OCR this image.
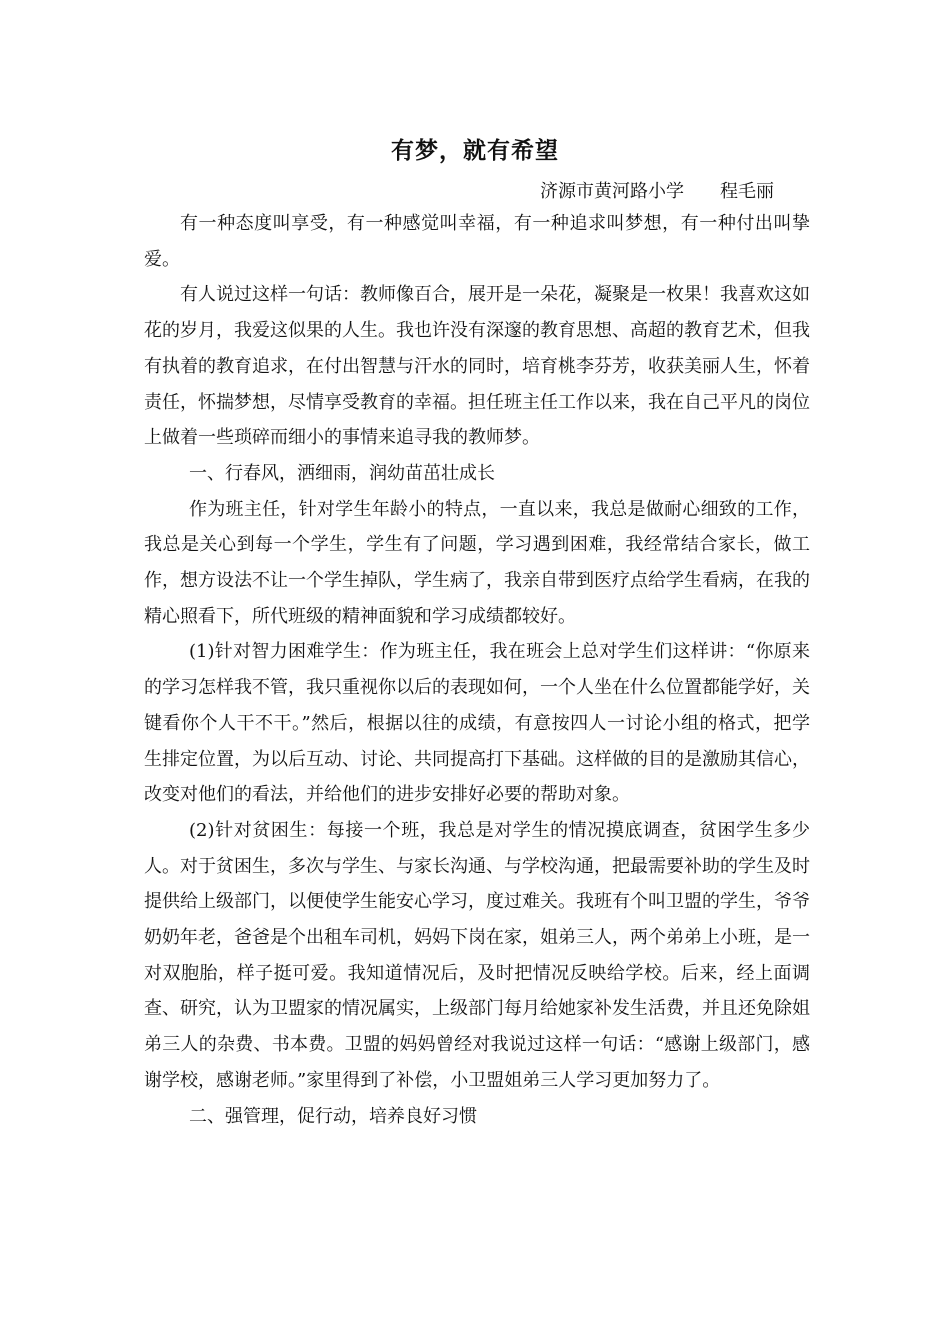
有梦，就有希望
济源市黄河路小学 程毛丽

有一种态度叫享受，有一种感觉叫幸福，有一种追求叫梦想，有一种付出叫挚爱。

有人说过这样一句话：教师像百合，展开是一朵花，凝聚是一枚果！我喜欢这如花的岁月，我爱这似果的人生。我也许没有深邃的教育思想、高超的教育艺术，但我有执着的教育追求，在付出智慧与汗水的同时，培育桃李芬芳，收获美丽人生，怀着责任，怀揣梦想，尽情享受教育的幸福。担任班主任工作以来，我在自己平凡的岗位上做着一些琐碎而细小的事情来追寻我的教师梦。

一、行春风，洒细雨，润幼苗茁壮成长

作为班主任，针对学生年龄小的特点，一直以来，我总是做耐心细致的工作，我总是关心到每一个学生，学生有了问题，学习遇到困难，我经常结合家长，做工作，想方设法不让一个学生掉队，学生病了，我亲自带到医疗点给学生看病，在我的精心照看下，所代班级的精神面貌和学习成绩都较好。

(1)针对智力困难学生：作为班主任，我在班会上总对学生们这样讲：“你原来的学习怎样我不管，我只重视你以后的表现如何，一个人坐在什么位置都能学好，关键看你个人干不干。”然后，根据以往的成绩，有意按四人一讨论小组的格式，把学生排定位置，为以后互动、讨论、共同提高打下基础。这样做的目的是激励其信心，改变对他们的看法，并给他们的进步安排好必要的帮助对象。

(2)针对贫困生：每接一个班，我总是对学生的情况摸底调查，贫困学生多少人。对于贫困生，多次与学生、与家长沟通、与学校沟通，把最需要补助的学生及时提供给上级部门，以便使学生能安心学习，度过难关。我班有个叫卫盟的学生，爷爷奶奶年老，爸爸是个出租车司机，妈妈下岗在家，姐弟三人，两个弟弟上小班，是一对双胞胎，样子挺可爱。我知道情况后，及时把情况反映给学校。后来，经上面调查、研究，认为卫盟家的情况属实，上级部门每月给她家补发生活费，并且还免除姐弟三人的杂费、书本费。卫盟的妈妈曾经对我说过这样一句话：“感谢上级部门，感谢学校，感谢老师。”家里得到了补偿，小卫盟姐弟三人学习更加努力了。

二、强管理，促行动，培养良好习惯
